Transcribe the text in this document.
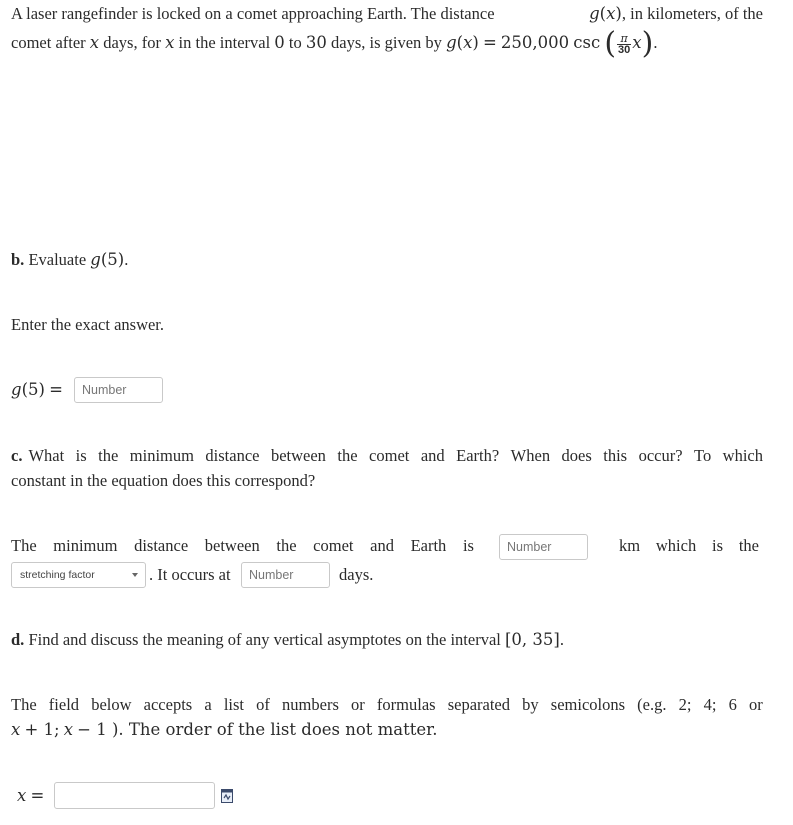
A laser rangefinder is locked on a comet approaching Earth. The distance	g(x), in kilometers, of the
comet after x days, for x in the interval 0 to 30 days, is given by g(x) = 250,000 csc ( $\frac{\pi}{30} x$).
b. Evaluate g(5).
Enter the exact answer.
g(5) =	Number
c. What is the minimum distance between the comet and Earth? When does this occur? To which
constant in the equation does this correspond?
The minimum distance between the comet and Earth is	Number	km which is the
stretching factor	. It occurs at	Number	days.
d. Find and discuss the meaning of any vertical asymptotes on the interval [0, 35].
The field below accepts a list of numbers or formulas separated by semicolons (e.g. 2; 4; 6 or
x + 1; x − 1 ). The order of the list does not matter.
x =
